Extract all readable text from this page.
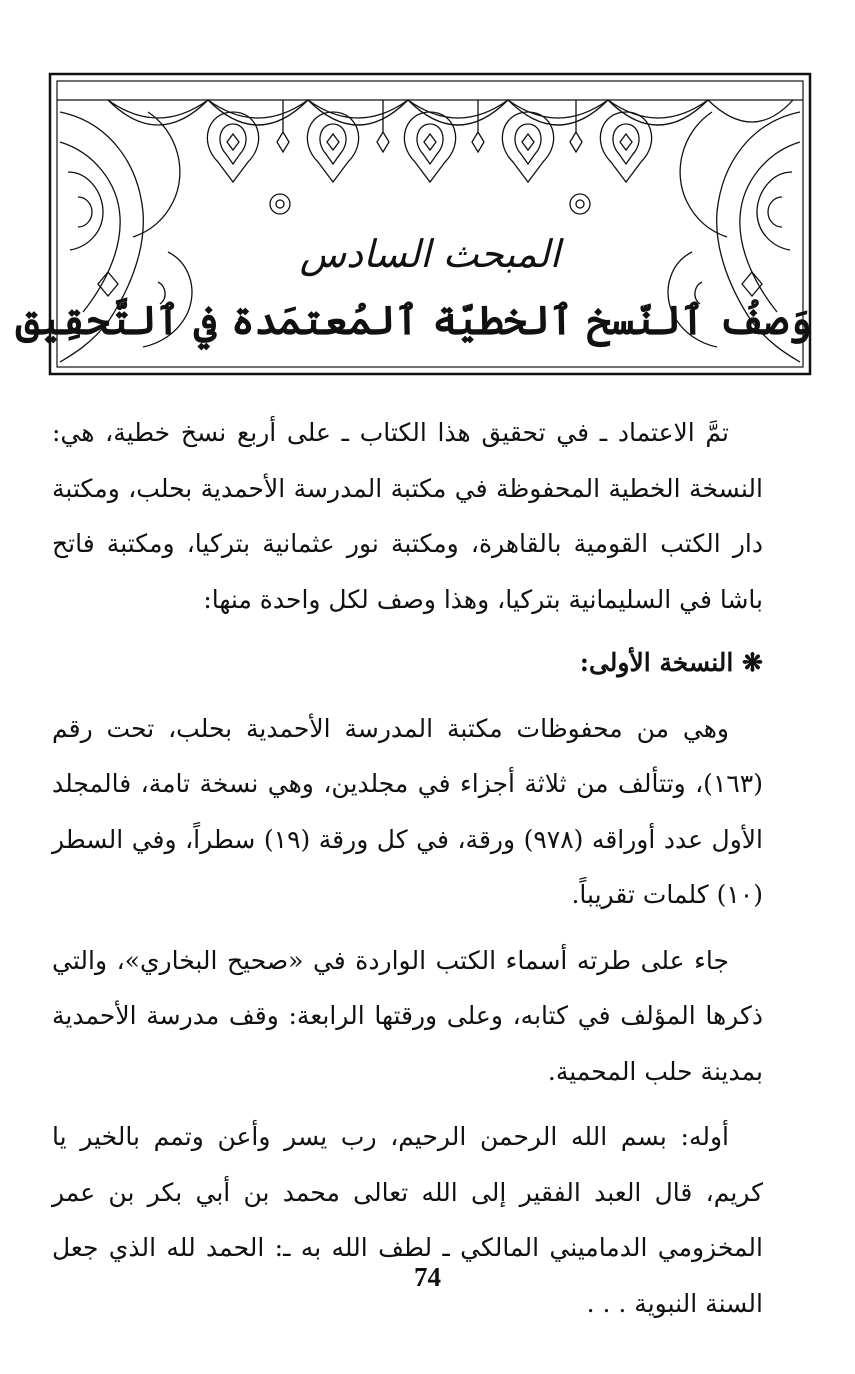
المبحث السادس
وَصفُ ٱلنّسخ ٱلخطيّة ٱلمُعتمَدة في ٱلتَّحقِيق

تمَّ الاعتماد ـ في تحقيق هذا الكتاب ـ على أربع نسخ خطية، هي: النسخة الخطية المحفوظة في مكتبة المدرسة الأحمدية بحلب، ومكتبة دار الكتب القومية بالقاهرة، ومكتبة نور عثمانية بتركيا، ومكتبة فاتح باشا في السليمانية بتركيا، وهذا وصف لكل واحدة منها:

❋ النسخة الأولى:

وهي من محفوظات مكتبة المدرسة الأحمدية بحلب، تحت رقم (١٦٣)، وتتألف من ثلاثة أجزاء في مجلدين، وهي نسخة تامة، فالمجلد الأول عدد أوراقه (٩٧٨) ورقة، في كل ورقة (١٩) سطراً، وفي السطر (١٠) كلمات تقريباً.

جاء على طرته أسماء الكتب الواردة في «صحيح البخاري»، والتي ذكرها المؤلف في كتابه، وعلى ورقتها الرابعة: وقف مدرسة الأحمدية بمدينة حلب المحمية.

أوله: بسم الله الرحمن الرحيم، رب يسر وأعن وتمم بالخير يا كريم، قال العبد الفقير إلى الله تعالى محمد بن أبي بكر بن عمر المخزومي الدماميني المالكي ـ لطف الله به ـ: الحمد لله الذي جعل السنة النبوية . . .

74
